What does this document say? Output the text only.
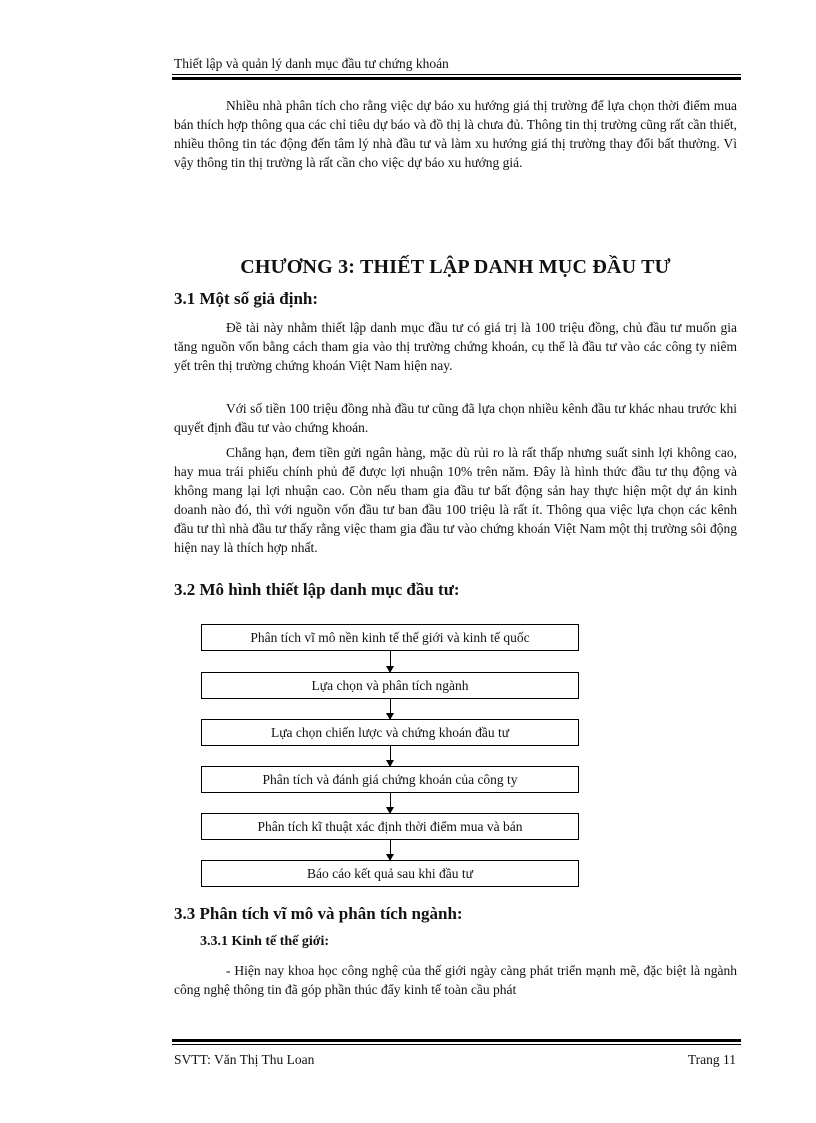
Thiết lập và quản lý danh mục đầu tư chứng khoán

Nhiều nhà phân tích cho rằng việc dự báo xu hướng giá thị trường để lựa chọn thời điểm mua bán thích hợp thông qua các chỉ tiêu dự báo và đồ thị là chưa đủ. Thông tin thị trường cũng rất cần thiết, nhiều thông tin tác động đến tâm lý nhà đầu tư và làm xu hướng giá thị trường thay đổi bất thường. Vì vậy thông tin thị trường là rất cần cho việc dự báo xu hướng giá.

CHƯƠNG 3: THIẾT LẬP DANH MỤC ĐẦU TƯ
3.1 Một số giả định:

Đề tài này nhằm thiết lập danh mục đầu tư có giá trị là 100 triệu đồng, chủ đầu tư muốn gia tăng nguồn vốn bằng cách tham gia vào thị trường chứng khoán, cụ thể là đầu tư vào các công ty niêm yết trên thị trường chứng khoán Việt Nam hiện nay.

Với số tiền 100 triệu đồng nhà đầu tư cũng đã lựa chọn nhiều kênh đầu tư khác nhau trước khi quyết định đầu tư vào chứng khoán.

Chẳng hạn, đem tiền gửi ngân hàng, mặc dù rủi ro là rất thấp nhưng suất sinh lợi không cao, hay mua trái phiếu chính phủ để được lợi nhuận 10% trên năm. Đây là hình thức đầu tư thụ động và không mang lại lợi nhuận cao. Còn nếu tham gia đầu tư bất động sản hay thực hiện một dự án kinh doanh nào đó, thì với nguồn vốn đầu tư ban đầu 100 triệu là rất ít. Thông qua việc lựa chọn các kênh đầu tư thì nhà đầu tư thấy rằng việc tham gia đầu tư vào chứng khoán Việt Nam một thị trường sôi động hiện nay là thích hợp nhất.

3.2 Mô hình thiết lập danh mục đầu tư:
Phân tích vĩ mô nền kinh tế thế giới và kinh tế quốc
Lựa chọn và phân tích ngành
Lựa chọn chiến lược và chứng khoán đầu tư
Phân tích và đánh giá chứng khoán của công ty
Phân tích kĩ thuật xác định thời điểm mua và bán
Báo cáo kết quả sau khi đầu tư
3.3 Phân tích vĩ mô và phân tích ngành:
3.3.1 Kinh tế thế giới:

- Hiện nay khoa học công nghệ của thế giới ngày càng phát triển mạnh mẽ, đặc biệt là ngành công nghệ thông tin đã góp phần thúc đẩy kinh tế toàn cầu phát

SVTT: Văn Thị Thu Loan	Trang 11
